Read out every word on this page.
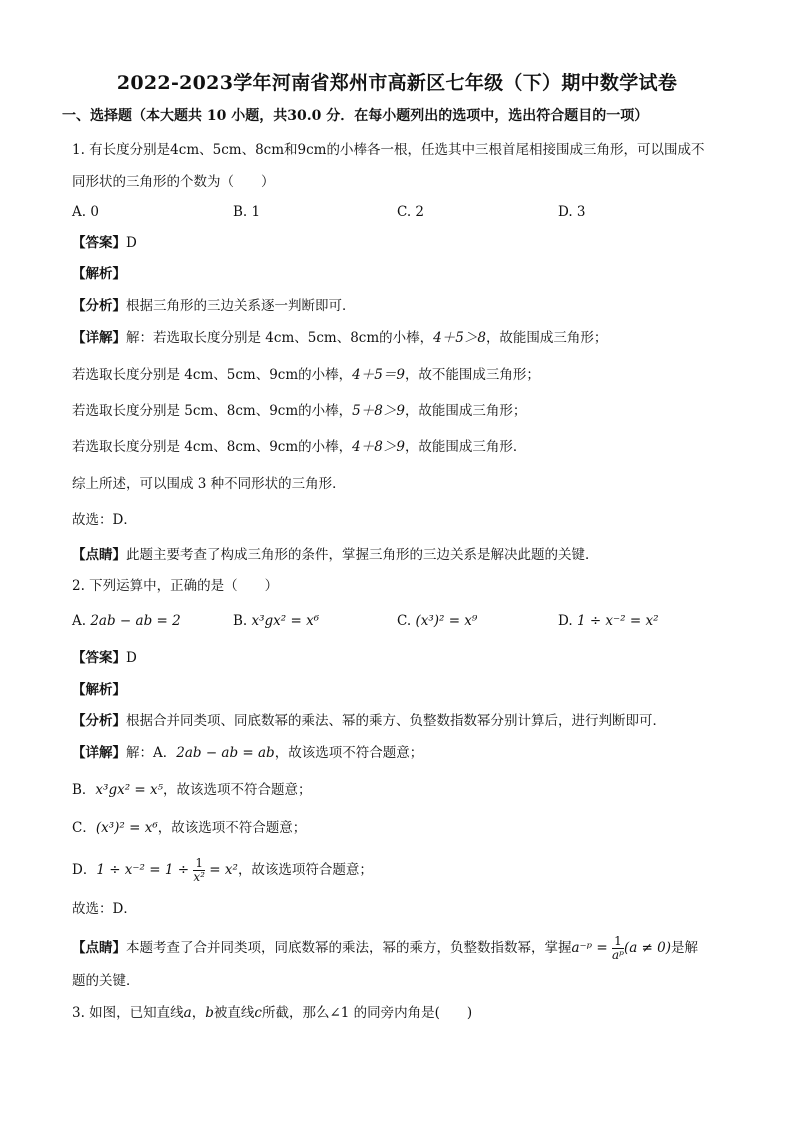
2022-2023学年河南省郑州市高新区七年级（下）期中数学试卷
一、选择题（本大题共 10 小题，共30.0 分．在每小题列出的选项中，选出符合题目的一项）
1. 有长度分别是4cm、5cm、8cm和9cm的小棒各一根，任选其中三根首尾相接围成三角形，可以围成不
同形状的三角形的个数为（　　）
A. 0	B. 1	C. 2	D. 3
【答案】D
【解析】
【分析】根据三角形的三边关系逐一判断即可．
【详解】解：若选取长度分别是 4cm、5cm、8cm的小棒，4＋5＞8，故能围成三角形；
若选取长度分别是 4cm、5cm、9cm的小棒，4＋5＝9，故不能围成三角形；
若选取长度分别是 5cm、8cm、9cm的小棒，5＋8＞9，故能围成三角形；
若选取长度分别是 4cm、8cm、9cm的小棒，4＋8＞9，故能围成三角形．
综上所述，可以围成 3 种不同形状的三角形．
故选：D．
【点睛】此题主要考查了构成三角形的条件，掌握三角形的三边关系是解决此题的关键．
2. 下列运算中，正确的是（　　）
A. 2ab − ab = 2	B. x³gx² = x⁶	C. (x³)² = x⁹	D. 1 ÷ x⁻² = x²
【答案】D
【解析】
【分析】根据合并同类项、同底数幂的乘法、幂的乘方、负整数指数幂分别计算后，进行判断即可．
【详解】解：A．2ab − ab = ab，故该选项不符合题意；
B．x³gx² = x⁵，故该选项不符合题意；
C．(x³)² = x⁶，故该选项不符合题意；
D．$1 \div x^{-2} = 1 \div \frac{1}{\text{x²}} = x^2$，故该选项符合题意；
故选：D．
【点睛】本题考查了合并同类项，同底数幂的乘法，幂的乘方，负整数指数幂，掌握a⁻ᵖ = $\frac{1}{\text{aᵖ}} (a \ne 0)$是解
题的关键．
3. 如图，已知直线a，b被直线c所截，那么∠1 的同旁内角是(　　)
